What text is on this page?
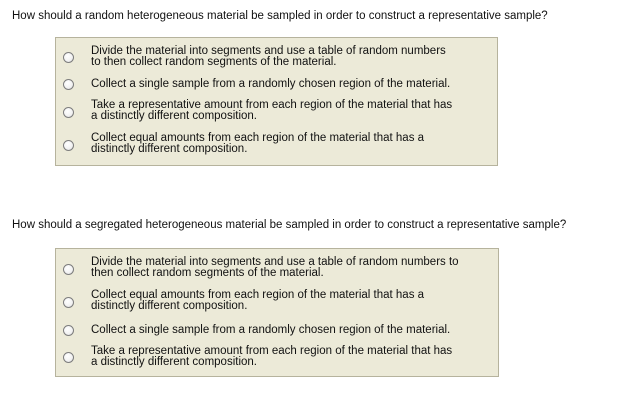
How should a random heterogeneous material be sampled in order to construct a representative sample?
Divide the material into segments and use a table of random numbers
to then collect random segments of the material.
Collect a single sample from a randomly chosen region of the material.
Take a representative amount from each region of the material that has
a distinctly different composition.
Collect equal amounts from each region of the material that has a
distinctly different composition.
How should a segregated heterogeneous material be sampled in order to construct a representative sample?
Divide the material into segments and use a table of random numbers to
then collect random segments of the material.
Collect equal amounts from each region of the material that has a
distinctly different composition.
Collect a single sample from a randomly chosen region of the material.
Take a representative amount from each region of the material that has
a distinctly different composition.
